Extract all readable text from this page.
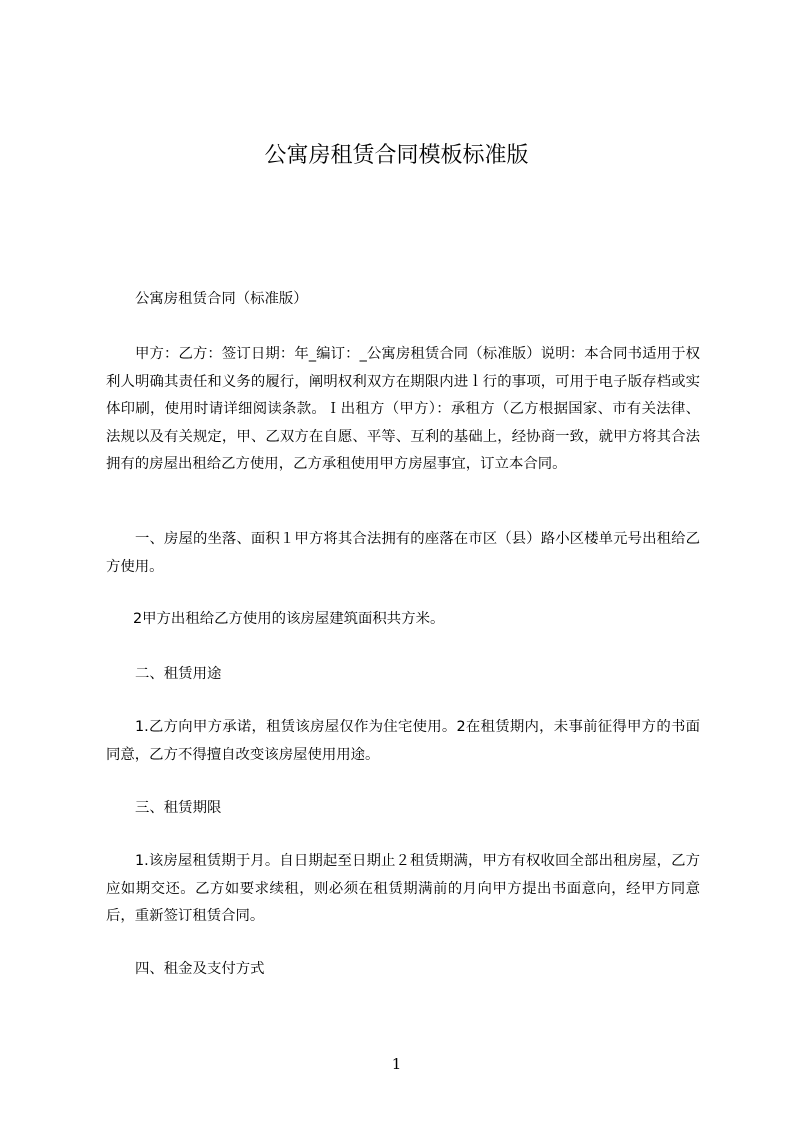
公寓房租赁合同模板标准版

公寓房租赁合同（标准版）

甲方：乙方：签订日期：年_编订：_公寓房租赁合同（标准版）说明：本合同书适用于权利人明确其责任和义务的履行，阐明权利双方在期限内进ｌ行的事项，可用于电子版存档或实体印刷，使用时请详细阅读条款。Ｉ出租方（甲方）：承租方（乙方根据国家、市有关法律、法规以及有关规定，甲、乙双方在自愿、平等、互利的基础上，经协商一致，就甲方将其合法拥有的房屋出租给乙方使用，乙方承租使用甲方房屋事宜，订立本合同。

一、房屋的坐落、面积１甲方将其合法拥有的座落在市区（县）路小区楼单元号出租给乙方使用。

2甲方出租给乙方使用的该房屋建筑面积共方米。

二、租赁用途

1.乙方向甲方承诺，租赁该房屋仅作为住宅使用。2在租赁期内，未事前征得甲方的书面同意，乙方不得擅自改变该房屋使用用途。

三、租赁期限

1.该房屋租赁期于月。自日期起至日期止２租赁期满，甲方有权收回全部出租房屋，乙方应如期交还。乙方如要求续租，则必须在租赁期满前的月向甲方提出书面意向，经甲方同意后，重新签订租赁合同。

四、租金及支付方式

1
